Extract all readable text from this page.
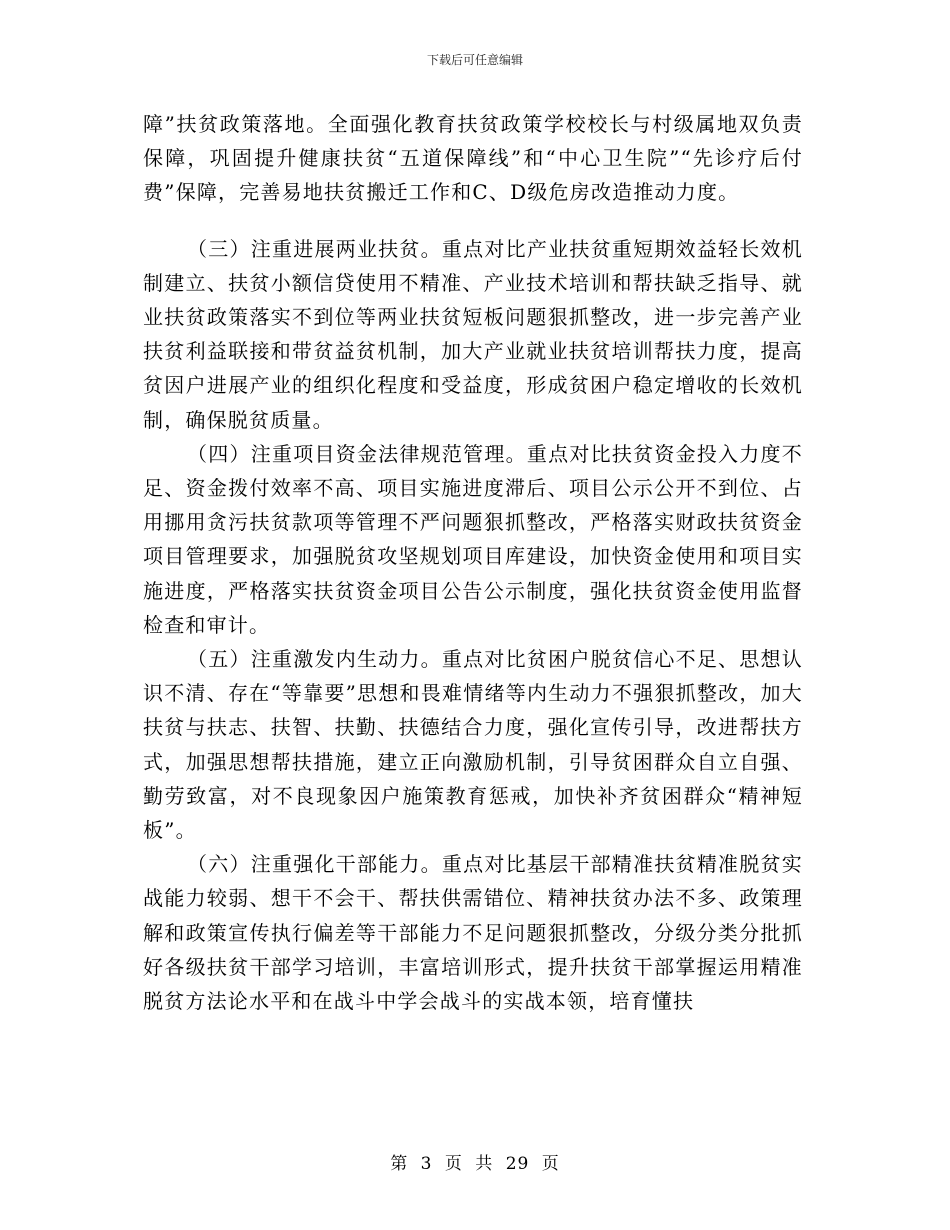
下载后可任意编辑

障”扶贫政策落地。全面强化教育扶贫政策学校校长与村级属地双负责保障，巩固提升健康扶贫“五道保障线”和“中心卫生院”“先诊疗后付费”保障，完善易地扶贫搬迁工作和C、D级危房改造推动力度。

（三）注重进展两业扶贫。重点对比产业扶贫重短期效益轻长效机制建立、扶贫小额信贷使用不精准、产业技术培训和帮扶缺乏指导、就业扶贫政策落实不到位等两业扶贫短板问题狠抓整改，进一步完善产业扶贫利益联接和带贫益贫机制，加大产业就业扶贫培训帮扶力度，提高贫因户进展产业的组织化程度和受益度，形成贫困户稳定增收的长效机制，确保脱贫质量。

（四）注重项目资金法律规范管理。重点对比扶贫资金投入力度不足、资金拨付效率不高、项目实施进度滞后、项目公示公开不到位、占用挪用贪污扶贫款项等管理不严问题狠抓整改，严格落实财政扶贫资金项目管理要求，加强脱贫攻坚规划项目库建设，加快资金使用和项目实施进度，严格落实扶贫资金项目公告公示制度，强化扶贫资金使用监督检查和审计。

（五）注重激发内生动力。重点对比贫困户脱贫信心不足、思想认识不清、存在“等靠要”思想和畏难情绪等内生动力不强狠抓整改，加大扶贫与扶志、扶智、扶勤、扶德结合力度，强化宣传引导，改进帮扶方式，加强思想帮扶措施，建立正向激励机制，引导贫困群众自立自强、勤劳致富，对不良现象因户施策教育惩戒，加快补齐贫困群众“精神短板”。

（六）注重强化干部能力。重点对比基层干部精准扶贫精准脱贫实战能力较弱、想干不会干、帮扶供需错位、精神扶贫办法不多、政策理解和政策宣传执行偏差等干部能力不足问题狠抓整改，分级分类分批抓好各级扶贫干部学习培训，丰富培训形式，提升扶贫干部掌握运用精准脱贫方法论水平和在战斗中学会战斗的实战本领，培育懂扶

第 3 页 共 29 页
